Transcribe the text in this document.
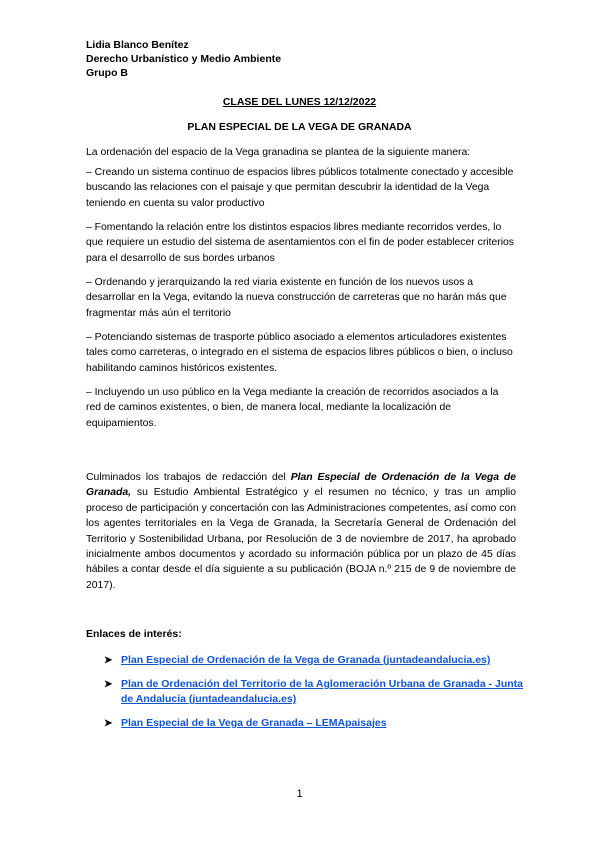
Lidia Blanco Benítez
Derecho Urbanístico y Medio Ambiente
Grupo B
CLASE DEL LUNES 12/12/2022
PLAN ESPECIAL DE LA VEGA DE GRANADA
La ordenación del espacio de la Vega granadina se plantea de la siguiente manera:
– Creando un sistema continuo de espacios libres públicos totalmente conectado y accesible buscando las relaciones con el paisaje y que permitan descubrir la identidad de la Vega teniendo en cuenta su valor productivo
– Fomentando la relación entre los distintos espacios libres mediante recorridos verdes, lo que requiere un estudio del sistema de asentamientos con el fin de poder establecer criterios para el desarrollo de sus bordes urbanos
– Ordenando y jerarquizando la red viaria existente en función de los nuevos usos a desarrollar en la Vega, evitando la nueva construcción de carreteras que no harán más que fragmentar más aún el territorio
– Potenciando sistemas de trasporte público asociado a elementos articuladores existentes tales como carreteras, o integrado en el sistema de espacios libres públicos o bien, o incluso habilitando caminos históricos existentes.
– Incluyendo un uso público en la Vega mediante la creación de recorridos asociados a la red de caminos existentes, o bien, de manera local, mediante la localización de equipamientos.
Culminados los trabajos de redacción del Plan Especial de Ordenación de la Vega de Granada, su Estudio Ambiental Estratégico y el resumen no técnico, y tras un amplio proceso de participación y concertación con las Administraciones competentes, así como con los agentes territoriales en la Vega de Granada, la Secretaría General de Ordenación del Territorio y Sostenibilidad Urbana, por Resolución de 3 de noviembre de 2017, ha aprobado inicialmente ambos documentos y acordado su información pública por un plazo de 45 días hábiles a contar desde el día siguiente a su publicación (BOJA n.º 215 de 9 de noviembre de 2017).
Enlaces de interés:
➤ Plan Especial de Ordenación de la Vega de Granada (juntadeandalucia.es)
➤ Plan de Ordenación del Territorio de la Aglomeración Urbana de Granada - Junta de Andalucía (juntadeandalucia.es)
➤ Plan Especial de la Vega de Granada – LEMApaisajes
1
